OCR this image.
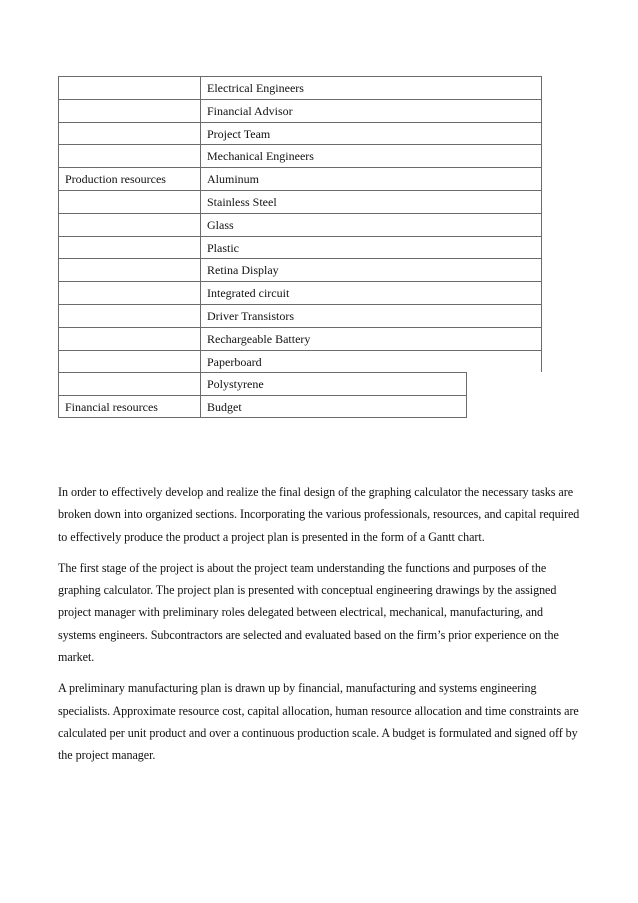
Electrical Engineers
Financial Advisor
Project Team
Mechanical Engineers
Production resources	Aluminum
Stainless Steel
Glass
Plastic
Retina Display
Integrated circuit
Driver Transistors
Rechargeable Battery
Paperboard
Polystyrene
Financial resources	Budget

In order to effectively develop and realize the final design of the graphing calculator the necessary tasks are broken down into organized sections. Incorporating the various professionals, resources, and capital required to effectively produce the product a project plan is presented in the form of a Gantt chart.

The first stage of the project is about the project team understanding the functions and purposes of the graphing calculator. The project plan is presented with conceptual engineering drawings by the assigned project manager with preliminary roles delegated between electrical, mechanical, manufacturing, and systems engineers. Subcontractors are selected and evaluated based on the firm’s prior experience on the market.

A preliminary manufacturing plan is drawn up by financial, manufacturing and systems engineering specialists. Approximate resource cost, capital allocation, human resource allocation and time constraints are calculated per unit product and over a continuous production scale. A budget is formulated and signed off by the project manager.
